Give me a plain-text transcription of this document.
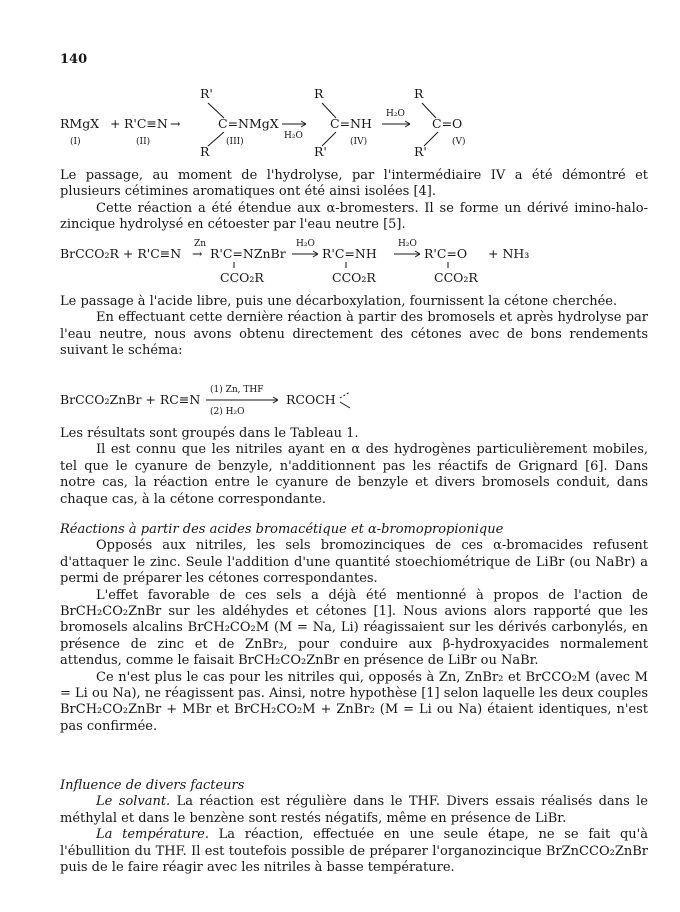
140
RMgX + R'C≡N →
(I)	(II)
R'
C=NMgX
R
(III)
H₂O
R
C=NH
R'
(IV)
H₂O
R
C=O
R'
(V)

Le passage, au moment de l'hydrolyse, par l'intermédiaire IV a été démontré et plusieurs cétimines aromatiques ont été ainsi isolées [4].

Cette réaction a été étendue aux α-bromesters. Il se forme un dérivé imino-halo-zincique hydrolysé en cétoester par l'eau neutre [5].

BrCCO₂R + R'C≡N
Zn
→ R'C=NZnBr
CCO₂R
H₂O
R'C=NH
CCO₂R
H₂O
R'C=O
CCO₂R
+ NH₃

Le passage à l'acide libre, puis une décarboxylation, fournissent la cétone cherchée.

En effectuant cette dernière réaction à partir des bromosels et après hydrolyse par l'eau neutre, nous avons obtenu directement des cétones avec de bons rendements suivant le schéma:

BrCCO₂ZnBr + RC≡N
(1) Zn, THF
(2) H₂O
RCOCH

Les résultats sont groupés dans le Tableau 1.

Il est connu que les nitriles ayant en α des hydrogènes particulièrement mobiles, tel que le cyanure de benzyle, n'additionnent pas les réactifs de Grignard [6]. Dans notre cas, la réaction entre le cyanure de benzyle et divers bromosels conduit, dans chaque cas, à la cétone correspondante.

Réactions à partir des acides bromacétique et α-bromopropionique

Opposés aux nitriles, les sels bromozinciques de ces α-bromacides refusent d'attaquer le zinc. Seule l'addition d'une quantité stoechiométrique de LiBr (ou NaBr) a permi de préparer les cétones correspondantes.

L'effet favorable de ces sels a déjà été mentionné à propos de l'action de BrCH₂CO₂ZnBr sur les aldéhydes et cétones [1]. Nous avions alors rapporté que les bromosels alcalins BrCH₂CO₂M (M = Na, Li) réagissaient sur les dérivés carbonylés, en présence de zinc et de ZnBr₂, pour conduire aux β-hydroxyacides normalement attendus, comme le faisait BrCH₂CO₂ZnBr en présence de LiBr ou NaBr.

Ce n'est plus le cas pour les nitriles qui, opposés à Zn, ZnBr₂ et BrCCO₂M (avec M = Li ou Na), ne réagissent pas. Ainsi, notre hypothèse [1] selon laquelle les deux couples BrCH₂CO₂ZnBr + MBr et BrCH₂CO₂M + ZnBr₂ (M = Li ou Na) étaient identiques, n'est pas confirmée.

Influence de divers facteurs

Le solvant. La réaction est régulière dans le THF. Divers essais réalisés dans le méthylal et dans le benzène sont restés négatifs, même en présence de LiBr.

La température. La réaction, effectuée en une seule étape, ne se fait qu'à l'ébullition du THF. Il est toutefois possible de préparer l'organozincique BrZnCCO₂ZnBr puis de le faire réagir avec les nitriles à basse température.
